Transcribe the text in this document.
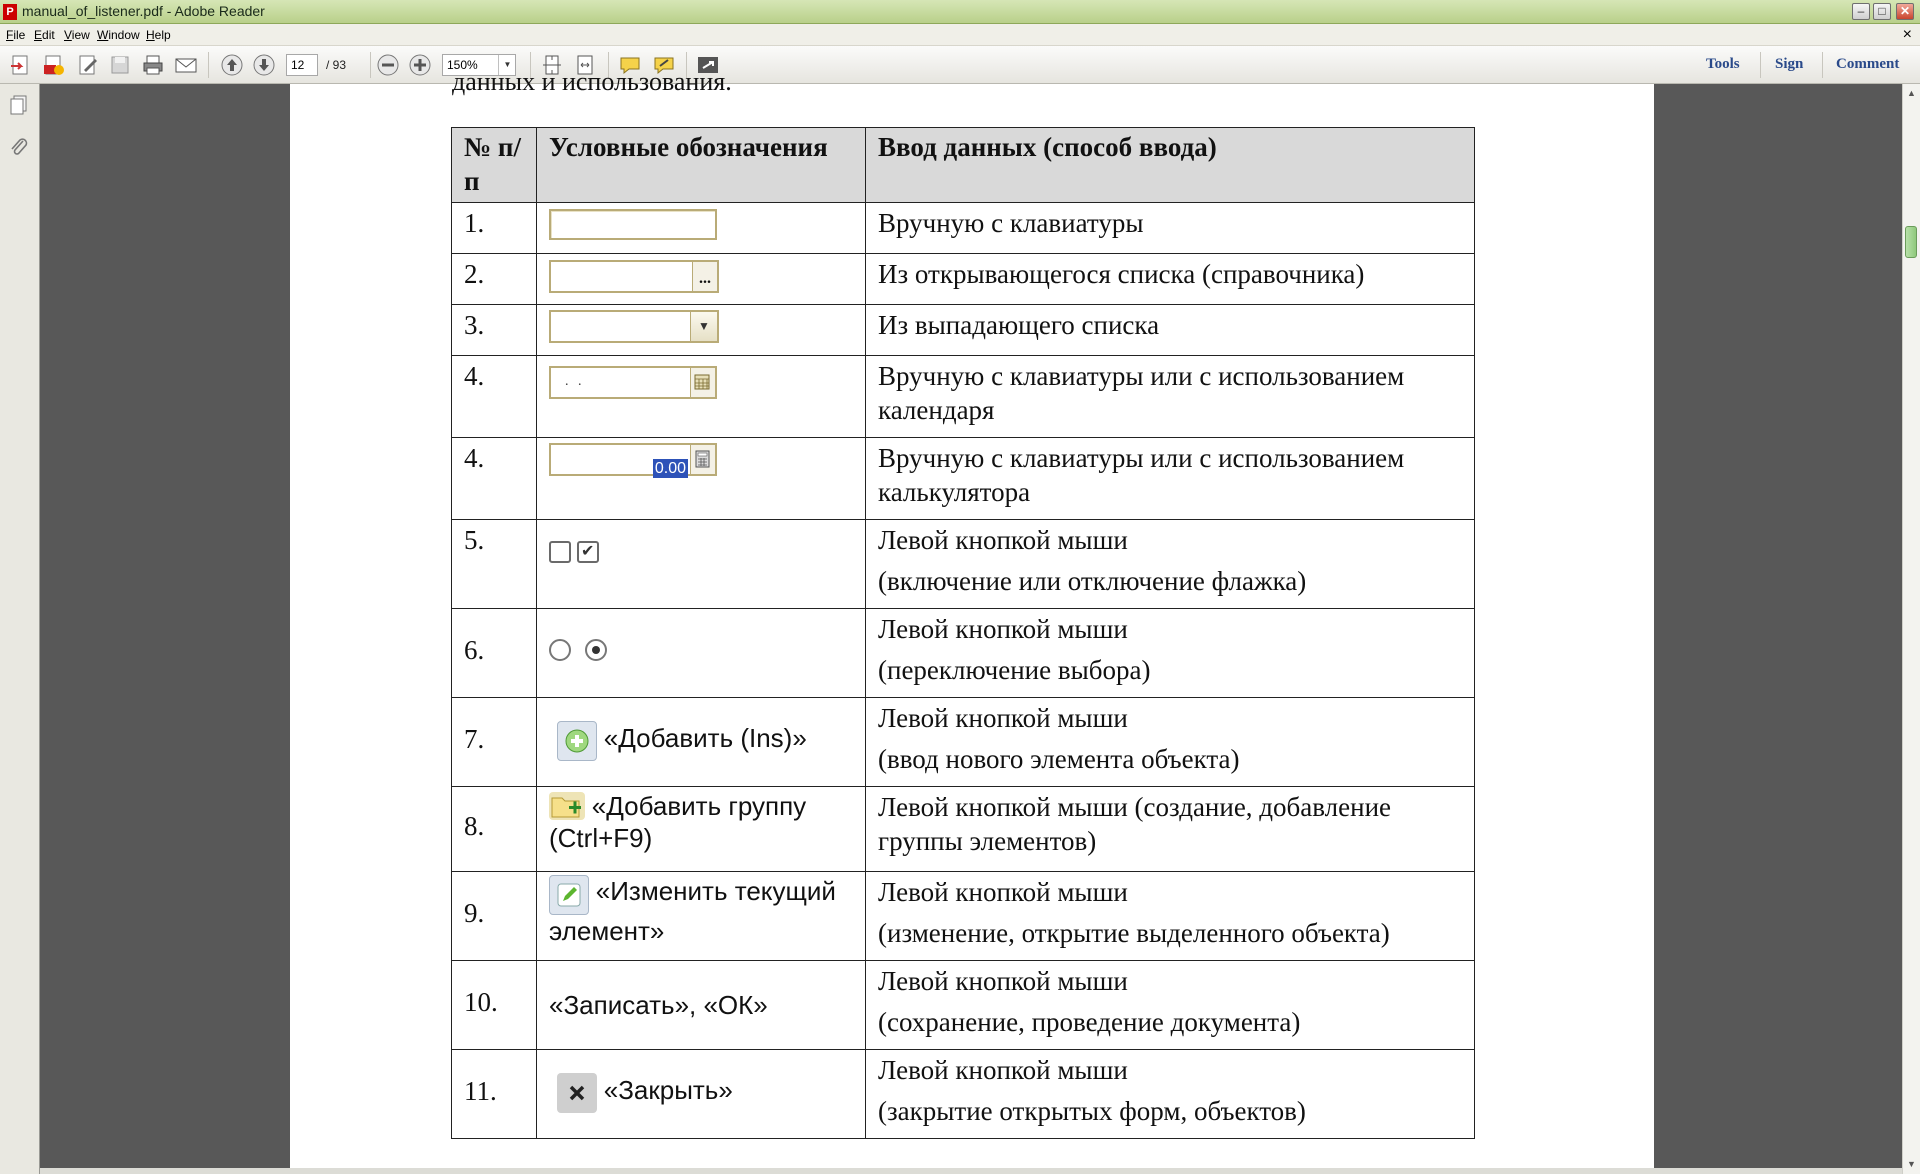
P manual_of_listener.pdf - Adobe Reader	–	□	✕
File Edit View Window Help	×
12	/ 93	150%	▼	Tools Sign Comment
данных и использования.
№ п/п	Условные обозначения	Ввод данных (способ ввода)
1.		Вручную с клавиатуры
2.	...	Из открывающегося списка (справочника)
3.	▼	Из выпадающего списка
4.	. .	Вручную с клавиатуры или с использованием календаря
4.	0.00	Вручную с клавиатуры или с использованием калькулятора
5.	✔	Левой кнопкой мыши
(включение или отключение флажка)

6.		Левой кнопкой мыши
(переключение выбора)

7.	«Добавить (Ins)»	Левой кнопкой мыши
(ввод нового элемента объекта)

8.	«Добавить группу (Ctrl+F9)	Левой кнопкой мыши (создание, добавление группы элементов)
9.	«Изменить текущий элемент»	Левой кнопкой мыши
(изменение, открытие выделенного объекта)

10.	«Записать», «ОК»	Левой кнопкой мыши
(сохранение, проведение документа)

11.	«Закрыть»	Левой кнопкой мыши
(закрытие открытых форм, объектов)
▲
▼
